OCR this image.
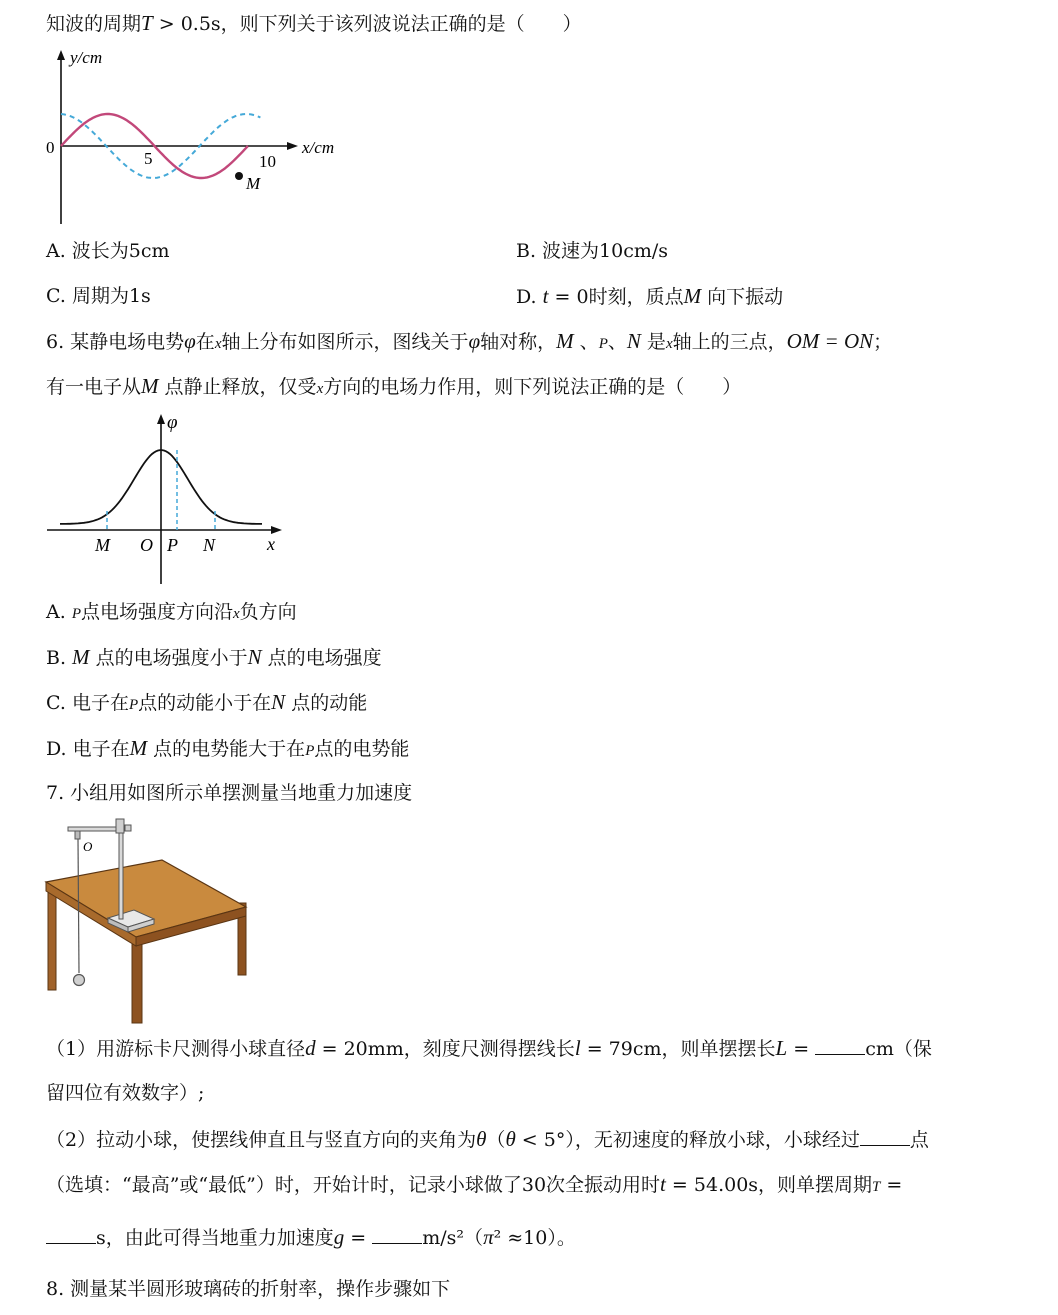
知波的周期T > 0.5s，则下列关于该列波说法正确的是（　　）
y/cm
x/cm
0
5	10
M
A. 波长为5cm	B. 波速为10cm/s
C. 周期为1s	D. t = 0时刻，质点M 向下振动
6. 某静电场电势φ在x轴上分布如图所示，图线关于φ轴对称，M 、P、N 是x轴上的三点，OM = ON；
有一电子从M 点静止释放，仅受x方向的电场力作用，则下列说法正确的是（　　）
φ
x
M O P N
A. P点电场强度方向沿x负方向
B. M 点的电场强度小于N 点的电场强度
C. 电子在P点的动能小于在N 点的动能
D. 电子在M 点的电势能大于在P点的电势能
7. 小组用如图所示单摆测量当地重力加速度
O
（1）用游标卡尺测得小球直径d = 20mm，刻度尺测得摆线长l = 79cm，则单摆摆长L =	cm（保
留四位有效数字）;
（2）拉动小球，使摆线伸直且与竖直方向的夹角为θ（θ < 5°），无初速度的释放小球，小球经过	点
（选填：“最高”或“最低”）时，开始计时，记录小球做了30次全振动用时t = 54.00s，则单摆周期T =
s，由此可得当地重力加速度g =	m/s²（π² ≈10）。
8. 测量某半圆形玻璃砖的折射率，操作步骤如下
